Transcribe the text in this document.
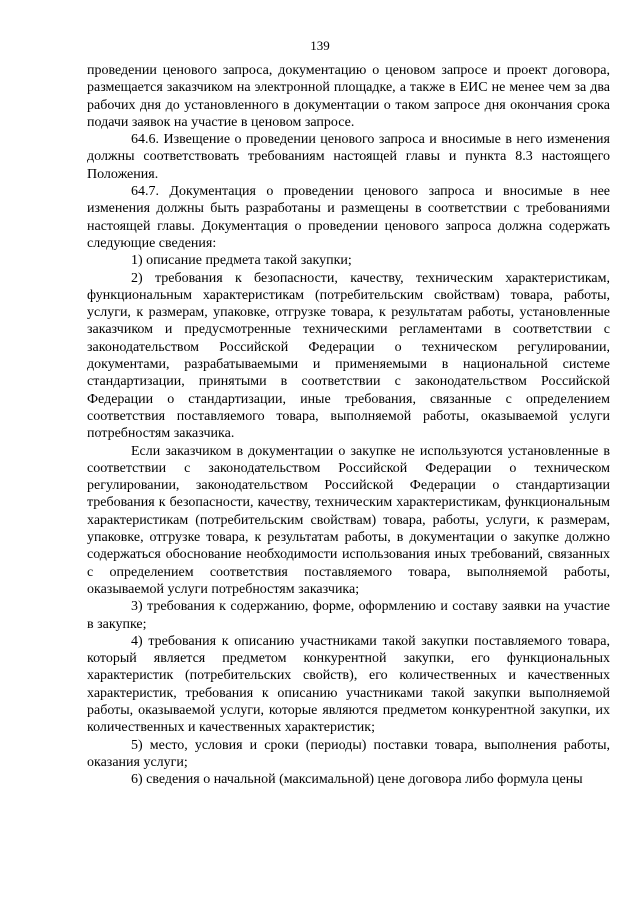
139

проведении ценового запроса, документацию о ценовом запросе и проект договора, размещается заказчиком на электронной площадке, а также в ЕИС не менее чем за два рабочих дня до установленного в документации о таком запросе дня окончания срока подачи заявок на участие в ценовом запросе.

64.6. Извещение о проведении ценового запроса и вносимые в него изменения должны соответствовать требованиям настоящей главы и пункта 8.3 настоящего Положения.

64.7. Документация о проведении ценового запроса и вносимые в нее изменения должны быть разработаны и размещены в соответствии с требованиями настоящей главы. Документация о проведении ценового запроса должна содержать следующие сведения:

1) описание предмета такой закупки;

2) требования к безопасности, качеству, техническим характеристикам, функциональным характеристикам (потребительским свойствам) товара, работы, услуги, к размерам, упаковке, отгрузке товара, к результатам работы, установленные заказчиком и предусмотренные техническими регламентами в соответствии с законодательством Российской Федерации о техническом регулировании, документами, разрабатываемыми и применяемыми в национальной системе стандартизации, принятыми в соответствии с законодательством Российской Федерации о стандартизации, иные требования, связанные с определением соответствия поставляемого товара, выполняемой работы, оказываемой услуги потребностям заказчика.

Если заказчиком в документации о закупке не используются установленные в соответствии с законодательством Российской Федерации о техническом регулировании, законодательством Российской Федерации о стандартизации требования к безопасности, качеству, техническим характеристикам, функциональным характеристикам (потребительским свойствам) товара, работы, услуги, к размерам, упаковке, отгрузке товара, к результатам работы, в документации о закупке должно содержаться обоснование необходимости использования иных требований, связанных с определением соответствия поставляемого товара, выполняемой работы, оказываемой услуги потребностям заказчика;

3) требования к содержанию, форме, оформлению и составу заявки на участие в закупке;

4) требования к описанию участниками такой закупки поставляемого товара, который является предметом конкурентной закупки, его функциональных характеристик (потребительских свойств), его количественных и качественных характеристик, требования к описанию участниками такой закупки выполняемой работы, оказываемой услуги, которые являются предметом конкурентной закупки, их количественных и качественных характеристик;

5) место, условия и сроки (периоды) поставки товара, выполнения работы, оказания услуги;

6) сведения о начальной (максимальной) цене договора либо формула цены
